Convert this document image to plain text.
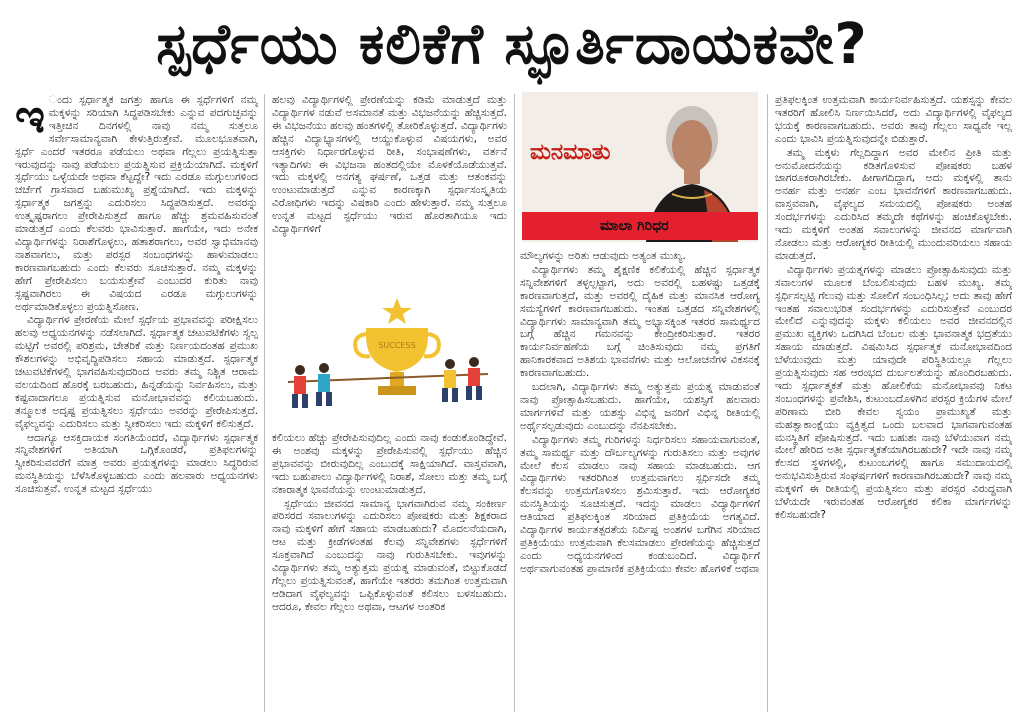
ಸ್ಪರ್ಧೆಯು ಕಲಿಕೆಗೆ ಸ್ಫೂರ್ತಿದಾಯಕವೇ?

ಇ ಂದು ಸ್ಪರ್ಧಾತ್ಮಕ ಜಗತ್ತು ಹಾಗೂ ಈ ಸ್ಪರ್ಧೆಗಳಿಗೆ ನಮ್ಮ ಮಕ್ಕಳನ್ನು ಸರಿಯಾಗಿ ಸಿದ್ಧಪಡಿಸಬೇಕು ಎನ್ನುವ ಪದಗುಚ್ಛವನ್ನು ಇತ್ತೀಚಿನ ದಿನಗಳಲ್ಲಿ ನಾವು ನಮ್ಮ ಸುತ್ತಲೂ ಸರ್ವೇಸಾಮಾನ್ಯವಾಗಿ ಕೇಳುತ್ತಿರುತ್ತೇವೆ. ಮೂಲಭೂತವಾಗಿ, ಸ್ಪರ್ಧೆ ಎಂದರೆ ಇತರರೂ ಪಡೆಯಲು ಅಥವಾ ಗೆಲ್ಲಲು ಪ್ರಯತ್ನಿಸುತ್ತಾ ಇರುವುದನ್ನು ನಾವು ಪಡೆಯಲು ಪ್ರಯತ್ನಿಸುವ ಪ್ರಕ್ರಿಯೆಯಾಗಿದೆ. ಮಕ್ಕಳಿಗೆ ಸ್ಪರ್ಧೆಯು ಒಳ್ಳೆಯದೇ ಅಥವಾ ಕೆಟ್ಟದ್ದೇ? ಇದು ಎರಡೂ ಮಗ್ಗುಲುಗಳಿಂದ ಚರ್ಚೆಗೆ ಗ್ರಾಸವಾದ ಬಹುಮುಖ್ಯ ಪ್ರಶ್ನೆಯಾಗಿದೆ. ಇದು ಮಕ್ಕಳನ್ನು ಸ್ಪರ್ಧಾತ್ಮಕ ಜಗತ್ತನ್ನು ಎದುರಿಸಲು ಸಿದ್ಧಪಡಿಸುತ್ತದೆ. ಅವರನ್ನು ಉತ್ಕೃಷ್ಟರಾಗಲು ಪ್ರೇರೇಪಿಸುತ್ತದೆ ಹಾಗೂ ಹೆಚ್ಚು ಶ್ರಮವಹಿಸುವಂತೆ ಮಾಡುತ್ತದೆ ಎಂದು ಕೆಲವರು ಭಾವಿಸುತ್ತಾರೆ. ಹಾಗೆಯೇ, ಇದು ಅನೇಕ ವಿದ್ಯಾರ್ಥಿಗಳನ್ನು ನಿರಾಶೆಗೊಳ್ಳಲು, ಹತಾಶರಾಗಲು, ಅವರ ಸ್ವಾಭಿಮಾನವು ನಾಶವಾಗಲು, ಮತ್ತು ಪರಸ್ಪರ ಸಂಬಂಧಗಳನ್ನು ಹಾಳುಮಾಡಲು ಕಾರಣವಾಗಬಹುದು ಎಂದು ಕೆಲವರು ಸೂಚಿಸುತ್ತಾರೆ. ನಮ್ಮ ಮಕ್ಕಳನ್ನು ಹೇಗೆ ಪ್ರೇರೇಪಿಸಲು ಬಯಸುತ್ತೇವೆ ಎಂಬುದರ ಕುರಿತು ನಾವು ಸ್ಪಷ್ಟವಾಗಿರಲು ಈ ವಿಷಯದ ಎರಡೂ ಮಗ್ಗುಲುಗಳನ್ನು ಅರ್ಥಮಾಡಿಕೊಳ್ಳಲು ಪ್ರಯತ್ನಿಸೋಣ.

ವಿದ್ಯಾರ್ಥಿಗಳ ಪ್ರೇರಣೆಯ ಮೇಲೆ ಸ್ಪರ್ಧೆಯ ಪ್ರಭಾವವನ್ನು ಪರೀಕ್ಷಿಸಲು ಹಲವು ಅಧ್ಯಯನಗಳನ್ನು ನಡೆಸಲಾಗಿದೆ. ಸ್ಪರ್ಧಾತ್ಮಕ ಚಟುವಟಿಕೆಗಳು ಸ್ವಲ್ಪ ಮಟ್ಟಿಗೆ ಅವರಲ್ಲಿ ಪರಿಶ್ರಮ, ಚೇತರಿಕೆ ಮತ್ತು ನಿರ್ಣಯದಂತಹ ಪ್ರಮುಖ ಕೌಶಲಗಳನ್ನು ಅಭಿವೃದ್ಧಿಪಡಿಸಲು ಸಹಾಯ ಮಾಡುತ್ತದೆ. ಸ್ಪರ್ಧಾತ್ಮಕ ಚಟುವಟಿಕೆಗಳಲ್ಲಿ ಭಾಗವಹಿಸುವುದರಿಂದ ಅವರು ತಮ್ಮ ನಿಶ್ಚಿತ ಆರಾಮ ವಲಯದಿಂದ ಹೊರಕ್ಕೆ ಬರಬಹುದು, ಹಿನ್ನಡೆಯನ್ನು ನಿರ್ವಹಿಸಲು, ಮತ್ತು ಕಷ್ಟವಾದಾಗಲೂ ಪ್ರಯತ್ನಿಸುವ ಮನೋಭಾವವನ್ನು ಕಲಿಯಬಹುದು. ತನ್ಮೂಲಕ ಅದೃಷ್ಟ ಪ್ರಯತ್ನಿಸಲು ಸ್ಪರ್ಧೆಯು ಅವರನ್ನು ಪ್ರೇರೇಪಿಸುತ್ತದೆ. ವೈಫಲ್ಯವನ್ನು ಎದುರಿಸಲು ಮತ್ತು ಸ್ವೀಕರಿಸಲು ಇದು ಮಕ್ಕಳಿಗೆ ಕಲಿಸುತ್ತದೆ.

ಆದಾಗ್ಯೂ ಆಸಕ್ತಿದಾಯಕ ಸಂಗತಿಯೆಂದರೆ, ವಿದ್ಯಾರ್ಥಿಗಳು ಸ್ಪರ್ಧಾತ್ಮಕ ಸನ್ನಿವೇಶಗಳಿಗೆ ಅತಿಯಾಗಿ ಒಗ್ಗಿಕೊಂಡರೆ, ಪ್ರತಿಫಲಗಳನ್ನು ಸ್ವೀಕರಿಸುವವರೆಗೆ ಮಾತ್ರ ಅವರು ಪ್ರಯತ್ನಗಳನ್ನು ಮಾಡಲು ಸಿದ್ಧರಿರುವ ಮನಸ್ಥಿತಿಯನ್ನು ಬೆಳೆಸಿಕೊಳ್ಳಬಹುದು ಎಂದು ಹಲವಾರು ಅಧ್ಯಯನಗಳು ಸೂಚಿಸುತ್ತವೆ. ಉನ್ನತ ಮಟ್ಟದ ಸ್ಪರ್ಧೆಯು

ಹಲವು ವಿದ್ಯಾರ್ಥಿಗಳಲ್ಲಿ ಪ್ರೇರಣೆಯನ್ನು ಕಡಿಮೆ ಮಾಡುತ್ತದೆ ಮತ್ತು ವಿದ್ಯಾರ್ಥಿಗಳ ನಡುವೆ ಅಸಮಾನತೆ ಮತ್ತು ವಿಭಜನೆಯನ್ನು ಹೆಚ್ಚಿಸುತ್ತದೆ. ಈ ವಿಭಜನೆಯು ಹಲವು ಹಂತಗಳಲ್ಲಿ ತೋರಿಕೊಳ್ಳುತ್ತದೆ. ವಿದ್ಯಾರ್ಥಿಗಳು ಹೆಚ್ಚಿನ ವಿದ್ಯಾಭ್ಯಾಸಗಳಲ್ಲಿ ಆಯ್ದುಕೊಳ್ಳುವ ವಿಷಯಗಳು, ಅವರ ಆಸಕ್ತಿಗಳು ನಿರ್ಧಾರಗೊಳ್ಳುವ ರೀತಿ, ಸಂಭಾಷಣೆಗಳು, ವರ್ತನೆ ಇತ್ಯಾದಿಗಳು ಈ ವಿಭಜನಾ ಹಂತದಲ್ಲಿಯೇ ಮೊಳಕೆಯೊಡೆಯುತ್ತವೆ. ಇದು ಮಕ್ಕಳಲ್ಲಿ ಅನಗತ್ಯ ಘರ್ಷಣೆ, ಒತ್ತಡ ಮತ್ತು ಆತಂಕವನ್ನು ಉಂಟುಮಾಡುತ್ತದೆ ಎನ್ನುವ ಕಾರಣಕ್ಕಾಗಿ ಸ್ಪರ್ಧಾಸಂಸ್ಕೃತಿಯ ವಿರೋಧಿಗಳು ಇದನ್ನು ವಿಷಕಾರಿ ಎಂದು ಹೇಳುತ್ತಾರೆ. ನಮ್ಮ ಸುತ್ತಲೂ ಉನ್ನತ ಮಟ್ಟದ ಸ್ಪರ್ಧೆಯು ಇರುವ ಹೊರತಾಗಿಯೂ ಇದು ವಿದ್ಯಾರ್ಥಿಗಳಿಗೆ

SUCCESS

ಕಲಿಯಲು ಹೆಚ್ಚು ಪ್ರೇರೇಪಿಸುವುದಿಲ್ಲ ಎಂದು ನಾವು ಕಂಡುಕೊಂಡಿದ್ದೇವೆ. ಈ ಅಂಶವು ಮಕ್ಕಳನ್ನು ಪ್ರೇರೇಪಿಸುವಲ್ಲಿ ಸ್ಪರ್ಧೆಯು ಹೆಚ್ಚಿನ ಪ್ರಭಾವವನ್ನು ಬೀರುವುದಿಲ್ಲ ಎಂಬುದಕ್ಕೆ ಸಾಕ್ಷಿಯಾಗಿದೆ. ವಾಸ್ತವವಾಗಿ, ಇದು ಬಹುಪಾಲು ವಿದ್ಯಾರ್ಥಿಗಳಲ್ಲಿ ನಿರಾಶೆ, ಸೋಲು ಮತ್ತು ತಮ್ಮ ಬಗ್ಗೆ ನಕಾರಾತ್ಮಕ ಭಾವನೆಯನ್ನು ಉಂಟುಮಾಡುತ್ತದೆ.

ಸ್ಪರ್ಧೆಯು ಜೀವನದ ಸಾಮಾನ್ಯ ಭಾಗವಾಗಿರುವ ನಮ್ಮ ಸಂಕೀರ್ಣ ಪರಿಸರದ ಸವಾಲುಗಳನ್ನು ಎದುರಿಸಲು ಪೋಷಕರು ಮತ್ತು ಶಿಕ್ಷಕರಾದ ನಾವು ಮಕ್ಕಳಿಗೆ ಹೇಗೆ ಸಹಾಯ ಮಾಡಬಹುದು? ಮೊದಲನೆಯದಾಗಿ, ಆಟ ಮತ್ತು ಕ್ರೀಡೆಗಳಂತಹ ಕೆಲವು ಸನ್ನಿವೇಶಗಳು ಸ್ಪರ್ಧೆಗಳಿಗೆ ಸೂಕ್ತವಾಗಿದೆ ಎಂಬುದನ್ನು ನಾವು ಗುರುತಿಸಬೇಕು. ಇವುಗಳನ್ನು ವಿದ್ಯಾರ್ಥಿಗಳು ತಮ್ಮ ಅತ್ಯುತ್ತಮ ಪ್ರಯತ್ನ ಮಾಡುವಂತೆ, ಬಿಟ್ಟುಕೊಡದೆ ಗೆಲ್ಲಲು ಪ್ರಯತ್ನಿಸುವಂತೆ, ಹಾಗೆಯೇ ಇತರರು ತಮಗಿಂತ ಉತ್ತಮವಾಗಿ ಆಡಿದಾಗ ವೈಫಲ್ಯವನ್ನು ಒಪ್ಪಿಕೊಳ್ಳುವಂತೆ ಕಲಿಸಲು ಬಳಸಬಹುದು. ಆದರೂ, ಕೇವಲ ಗೆಲ್ಲಲು ಅಥವಾ, ಆಟಗಳ ಅಂತರಿಕ

ಮನಮಾತು
ಮಾಲಾ ಗಿರಿಧರ

ಮೌಲ್ಯಗಳನ್ನು ಅರಿತು ಆಡುವುದು ಅತ್ಯಂತ ಮುಖ್ಯ.

ವಿದ್ಯಾರ್ಥಿಗಳು ತಮ್ಮ ಶೈಕ್ಷಣಿಕ ಕಲಿಕೆಯಲ್ಲಿ ಹೆಚ್ಚಿನ ಸ್ಪರ್ಧಾತ್ಮಕ ಸನ್ನಿವೇಶಗಳಿಗೆ ತಳ್ಳಲ್ಪಟ್ಟಾಗ, ಅದು ಅವರಲ್ಲಿ ಬಹಳಷ್ಟು ಒತ್ತಡಕ್ಕೆ ಕಾರಣವಾಗುತ್ತದೆ, ಮತ್ತು ಅವರಲ್ಲಿ ದೈಹಿಕ ಮತ್ತು ಮಾನಸಿಕ ಆರೋಗ್ಯ ಸಮಸ್ಯೆಗಳಿಗೆ ಕಾರಣವಾಗಬಹುದು. ಇಂತಹ ಒತ್ತಡದ ಸನ್ನಿವೇಶಗಳಲ್ಲಿ ವಿದ್ಯಾರ್ಥಿಗಳು ಸಾಮಾನ್ಯವಾಗಿ ತಮ್ಮ ಅಭ್ಯಾಸಕ್ಕಿಂತ ಇತರರ ಸಾಮರ್ಥ್ಯದ ಬಗ್ಗೆ ಹೆಚ್ಚಿನ ಗಮನವನ್ನು ಕೇಂದ್ರೀಕರಿಸುತ್ತಾರೆ. ಇತರರ ಕಾರ್ಯನಿರ್ವಹಣೆಯ ಬಗ್ಗೆ ಚಿಂತಿಸುವುದು ನಮ್ಮ ಪ್ರಗತಿಗೆ ಹಾನಿಕಾರಕವಾದ ಅತಿಶಯ ಭಾವನೆಗಳು ಮತ್ತು ಆಲೋಚನೆಗಳ ವಿಕಸನಕ್ಕೆ ಕಾರಣವಾಗಬಹುದು.

ಬದಲಾಗಿ, ವಿದ್ಯಾರ್ಥಿಗಳು ತಮ್ಮ ಅತ್ಯುತ್ತಮ ಪ್ರಯತ್ನ ಮಾಡುವಂತೆ ನಾವು ಪ್ರೋತ್ಸಾಹಿಸಬಹುದು. ಹಾಗೆಯೇ, ಯಶಸ್ಸಿಗೆ ಹಲವಾರು ಮಾರ್ಗಗಳಿವೆ ಮತ್ತು ಯಶಸ್ಸು ವಿಭಿನ್ನ ಜನರಿಗೆ ವಿಭಿನ್ನ ರೀತಿಯಲ್ಲಿ ಅರ್ಥೈಸಲ್ಪಡುವುದು ಎಂಬುದನ್ನು ನೆನಪಿಸಬೇಕು.

ವಿದ್ಯಾರ್ಥಿಗಳು ತಮ್ಮ ಗುರಿಗಳನ್ನು ನಿರ್ಧರಿಸಲು ಸಹಾಯವಾಗುವಂತೆ, ತಮ್ಮ ಸಾಮರ್ಥ್ಯ ಮತ್ತು ದೌರ್ಬಲ್ಯಗಳನ್ನು ಗುರುತಿಸಲು ಮತ್ತು ಅವುಗಳ ಮೇಲೆ ಕೆಲಸ ಮಾಡಲು ನಾವು ಸಹಾಯ ಮಾಡಬಹುದು. ಆಗ ವಿದ್ಯಾರ್ಥಿಗಳು ಇತರರಿಗಿಂತ ಉತ್ತಮವಾಗಲು ಸ್ಪರ್ಧಿಸದೇ ತಮ್ಮ ಕೆಲಸವನ್ನು ಉತ್ತಮಗೊಳಿಸಲು ಶ್ರಮಿಸುತ್ತಾರೆ. ಇದು ಆರೋಗ್ಯಕರ ಮನಸ್ಥಿತಿಯನ್ನು ಸೂಚಿಸುತ್ತದೆ. ಇದನ್ನು ಮಾಡಲು ವಿದ್ಯಾರ್ಥಿಗಳಿಗೆ ಆತಿಯಾದ ಪ್ರತಿಫಲಕ್ಕಿಂತ ಸರಿಯಾದ ಪ್ರತಿಕ್ರಿಯೆಯ ಅಗತ್ಯವಿದೆ. ವಿದ್ಯಾರ್ಥಿಗಳ ಕಾರ್ಯತತ್ಪರತೆಯ ನಿರ್ದಿಷ್ಟ ಅಂಶಗಳ ಬಗೆಗಿನ ಸರಿಯಾದ ಪ್ರತಿಕ್ರಿಯೆಯು ಉತ್ತಮವಾಗಿ ಕೆಲಸಮಾಡಲು ಪ್ರೇರಣೆಯನ್ನು ಹೆಚ್ಚಿಸುತ್ತದೆ ಎಂದು ಅಧ್ಯಯನಗಳಿಂದ ಕಂಡುಬಂದಿದೆ. ವಿದ್ಯಾರ್ಥಿಗೆ ಅರ್ಥವಾಗುವಂತಹ ಪ್ರಾಮಾಣಿಕ ಪ್ರತಿಕ್ರಿಯೆಯು ಕೇವಲ ಹೊಗಳಿಕೆ ಅಥವಾ

ಪ್ರತಿಫಲಕ್ಕಿಂತ ಉತ್ತಮವಾಗಿ ಕಾರ್ಯನಿರ್ವಹಿಸುತ್ತದೆ. ಯಶಸ್ಸನ್ನು ಕೇವಲ ಇತರರಿಗೆ ಹೋಲಿಸಿ ನಿರ್ಣಯಿಸಿದರೆ, ಅದು ವಿದ್ಯಾರ್ಥಿಗಳಲ್ಲಿ ವೈಫಲ್ಯದ ಭಯಕ್ಕೆ ಕಾರಣವಾಗಬಹುದು. ಅವರು ತಾವು ಗೆಲ್ಲಲು ಸಾಧ್ಯವೇ ಇಲ್ಲ ಎಂದು ಭಾವಿಸಿ ಪ್ರಯತ್ನಿಸುವುದನ್ನೇ ಬಿಡುತ್ತಾರೆ.

ತಮ್ಮ ಮಕ್ಕಳು ಗೆಲ್ಲದಿದ್ದಾಗ ಅವರ ಮೇಲಿನ ಪ್ರೀತಿ ಮತ್ತು ಅನುಮೋದನೆಯನ್ನು ಕಡಿತಗೊಳಿಸುವ ಪೋಷಕರು ಬಹಳ ಜಾಗರೂಕರಾಗಿರಬೇಕು. ಹೀಗಾಗದಿದ್ದಾಗ, ಅದು ಮಕ್ಕಳಲ್ಲಿ ತಾನು ಅನರ್ಹ ಮತ್ತು ಅನರ್ಹ ಎಂಬ ಭಾವನೆಗಳಿಗೆ ಕಾರಣವಾಗಬಹುದು. ವಾಸ್ತವವಾಗಿ, ವೈಫಲ್ಯದ ಸಮಯದಲ್ಲಿ ಪೋಷಕರು ಅಂತಹ ಸಂದರ್ಭಗಳನ್ನು ಎದುರಿಸಿದ ತಮ್ಮದೇ ಕಥೆಗಳನ್ನು ಹಂಚಿಕೊಳ್ಳಬೇಕು. ಇದು ಮಕ್ಕಳಿಗೆ ಅಂತಹ ಸವಾಲುಗಳನ್ನು ಜೀವನದ ಮಾರ್ಗವಾಗಿ ನೋಡಲು ಮತ್ತು ಆರೋಗ್ಯಕರ ರೀತಿಯಲ್ಲಿ ಮುಂದುವರಿಯಲು ಸಹಾಯ ಮಾಡುತ್ತದೆ.

ವಿದ್ಯಾರ್ಥಿಗಳು ಪ್ರಯತ್ನಗಳನ್ನು ಮಾಡಲು ಪ್ರೋತ್ಸಾಹಿಸುವುದು ಮತ್ತು ಸವಾಲುಗಳ ಮೂಲಕ ಬೆಂಬಲಿಸುವುದು ಬಹಳ ಮುಖ್ಯ. ತಮ್ಮ ಸ್ಪರ್ಧಿಸಲ್ಪಟ್ಟಿ ಗೆಲುವು ಮತ್ತು ಸೋಲಿಗೆ ಸಂಬಂಧಿಸಿಲ್ಲ; ಅದು ತಾವು ಹೇಗೆ ಇಂತಹ ಸವಾಲುಭರಿತ ಸಂದರ್ಭಗಳನ್ನು ಎದುರಿಸುತ್ತೇವೆ ಎಂಬುದರ ಮೇಲಿದೆ ಎನ್ನುವುದನ್ನು ಮಕ್ಕಳು ಕಲಿಯಲು ಅವರ ಜೀವನದಲ್ಲಿನ ಪ್ರಮುಖ ವ್ಯಕ್ತಿಗಳು ಒದಗಿಸಿದ ಬೆಂಬಲ ಮತ್ತು ಭಾವನಾತ್ಮಕ ಭದ್ರತೆಯು ಸಹಾಯ ಮಾಡುತ್ತದೆ. ವಿಷಮಿಸಿದ ಸ್ಪರ್ಧಾತ್ಮಕ ಮನೋಭಾವದಿಂದ ಬೆಳೆಯುವುದು ಮತ್ತು ಯಾವುದೇ ಪರಿಸ್ಥಿತಿಯಲ್ಲೂ ಗೆಲ್ಲಲು ಪ್ರಯತ್ನಿಸುವುದು ಸಹ ಆರಂಭದ ದುರ್ಬಲತೆಯನ್ನು ಹೊಂದಿರಬಹುದು. ಇದು ಸ್ಪರ್ಧಾತ್ಮಕತೆ ಮತ್ತು ಹೋಲಿಕೆಯ ಮನೋಭಾವವು ನಿಕಟ ಸಂಬಂಧಗಳನ್ನು ಪ್ರವೇಶಿಸಿ, ಕುಟುಂಬದೊಳಗಿನ ಪರಸ್ಪರ ಕ್ರಿಯೆಗಳ ಮೇಲೆ ಪರಿಣಾಮ ಬೀರಿ ಕೇವಲ ಸ್ವಯಂ ಪ್ರಾಮುಖ್ಯತೆ ಮತ್ತು ಮಹತ್ವಾಕಾಂಕ್ಷೆಯು ವ್ಯಕ್ತಿತ್ವದ ಒಂದು ಬಲವಾದ ಭಾಗವಾಗುವಂತಹ ಮನಸ್ಥಿತಿಗೆ ಪೋಷಿಸುತ್ತದೆ. ಇದು ಬಹುಶಃ ನಾವು ಬೆಳೆಯುವಾಗ ನಮ್ಮ ಮೇಲೆ ಹೇರಿದ ಅತೀ ಸ್ಪರ್ಧಾತ್ಮಕತೆಯಾಗಿರಬಹುದೇ? ಇದೇ ನಾವು ನಮ್ಮ ಕೆಲಸದ ಸ್ಥಳಗಳಲ್ಲಿ, ಕುಟುಂಬಗಳಲ್ಲಿ ಹಾಗೂ ಸಮುದಾಯದಲ್ಲಿ ಅನುಭವಿಸುತ್ತಿರುವ ಸಂಘರ್ಷಗಳಿಗೆ ಕಾರಣವಾಗಿರಬಹುದೇ? ನಾವು ನಮ್ಮ ಮಕ್ಕಳಿಗೆ ಈ ರೀತಿಯಲ್ಲಿ ಪ್ರಯತ್ನಿಸಲು ಮತ್ತು ಪರಸ್ಪರ ವಿರುದ್ಧವಾಗಿ ಬೆಳೆಯದೇ ಇರುವಂತಹ ಆರೋಗ್ಯಕರ ಕಲಿಕಾ ಮಾರ್ಗಗಳನ್ನು ಕಲಿಸಬಹುದೇ?
